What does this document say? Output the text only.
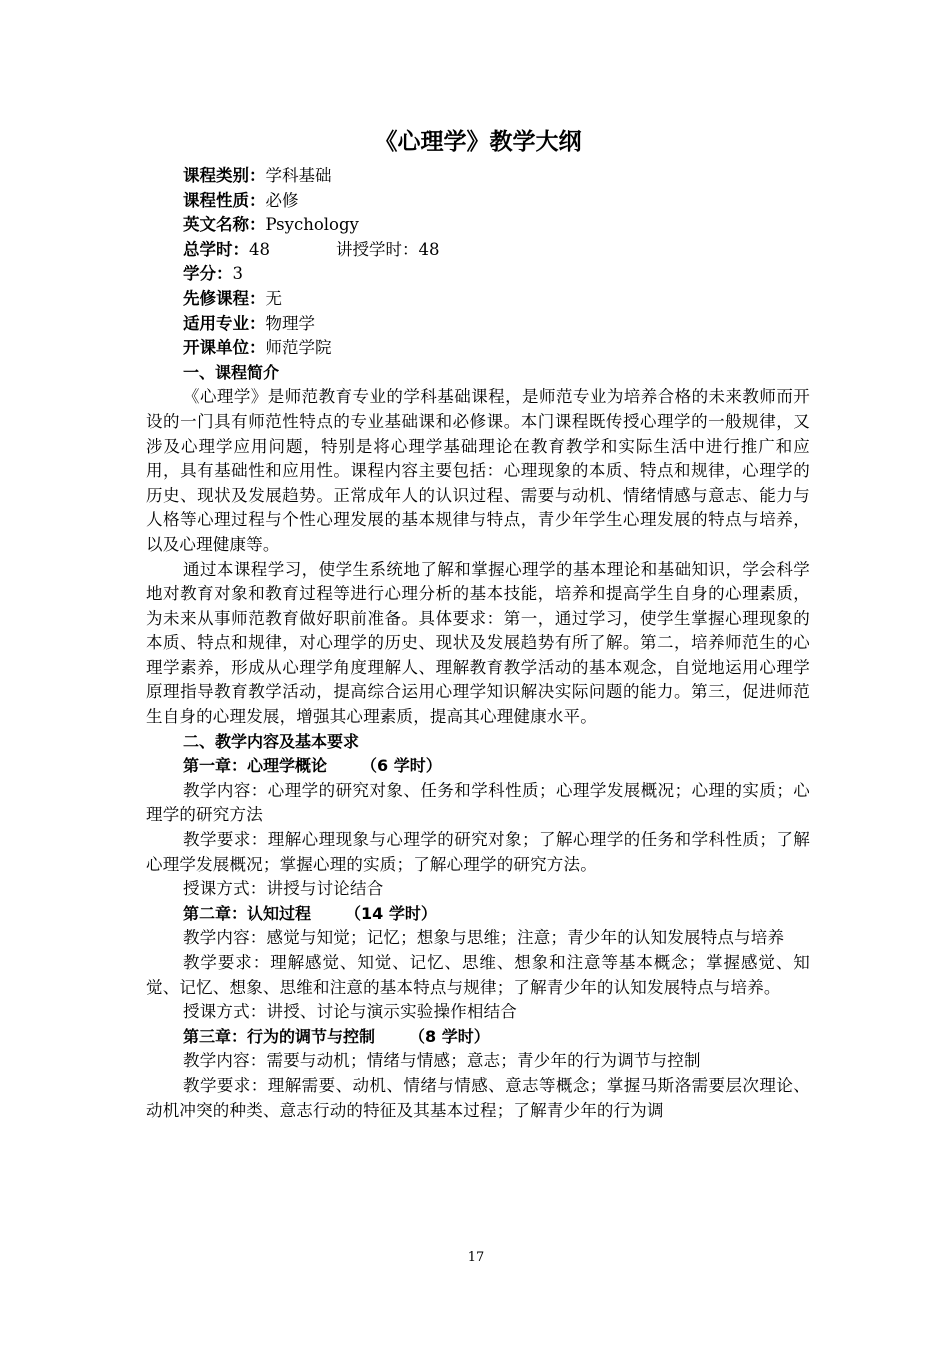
《心理学》教学大纲
课程类别：学科基础
课程性质：必修
英文名称：Psychology
总学时：48	讲授学时：48
学分：3
先修课程：无
适用专业：物理学
开课单位：师范学院
一、课程简介

《心理学》是师范教育专业的学科基础课程，是师范专业为培养合格的未来教师而开设的一门具有师范性特点的专业基础课和必修课。本门课程既传授心理学的一般规律，又涉及心理学应用问题，特别是将心理学基础理论在教育教学和实际生活中进行推广和应用，具有基础性和应用性。课程内容主要包括：心理现象的本质、特点和规律，心理学的历史、现状及发展趋势。正常成年人的认识过程、需要与动机、情绪情感与意志、能力与人格等心理过程与个性心理发展的基本规律与特点，青少年学生心理发展的特点与培养，以及心理健康等。

通过本课程学习，使学生系统地了解和掌握心理学的基本理论和基础知识，学会科学地对教育对象和教育过程等进行心理分析的基本技能，培养和提高学生自身的心理素质，为未来从事师范教育做好职前准备。具体要求：第一，通过学习，使学生掌握心理现象的本质、特点和规律，对心理学的历史、现状及发展趋势有所了解。第二，培养师范生的心理学素养，形成从心理学角度理解人、理解教育教学活动的基本观念，自觉地运用心理学原理指导教育教学活动，提高综合运用心理学知识解决实际问题的能力。第三，促进师范生自身的心理发展，增强其心理素质，提高其心理健康水平。

二、教学内容及基本要求
第一章：心理学概论 （6 学时）

教学内容：心理学的研究对象、任务和学科性质；心理学发展概况；心理的实质；心理学的研究方法

教学要求：理解心理现象与心理学的研究对象；了解心理学的任务和学科性质；了解心理学发展概况；掌握心理的实质；了解心理学的研究方法。

授课方式：讲授与讨论结合

第二章：认知过程 （14 学时）

教学内容：感觉与知觉；记忆；想象与思维；注意；青少年的认知发展特点与培养

教学要求：理解感觉、知觉、记忆、思维、想象和注意等基本概念；掌握感觉、知觉、记忆、想象、思维和注意的基本特点与规律；了解青少年的认知发展特点与培养。

授课方式：讲授、讨论与演示实验操作相结合

第三章：行为的调节与控制 （8 学时）

教学内容：需要与动机；情绪与情感；意志；青少年的行为调节与控制

教学要求：理解需要、动机、情绪与情感、意志等概念；掌握马斯洛需要层次理论、动机冲突的种类、意志行动的特征及其基本过程；了解青少年的行为调

17
